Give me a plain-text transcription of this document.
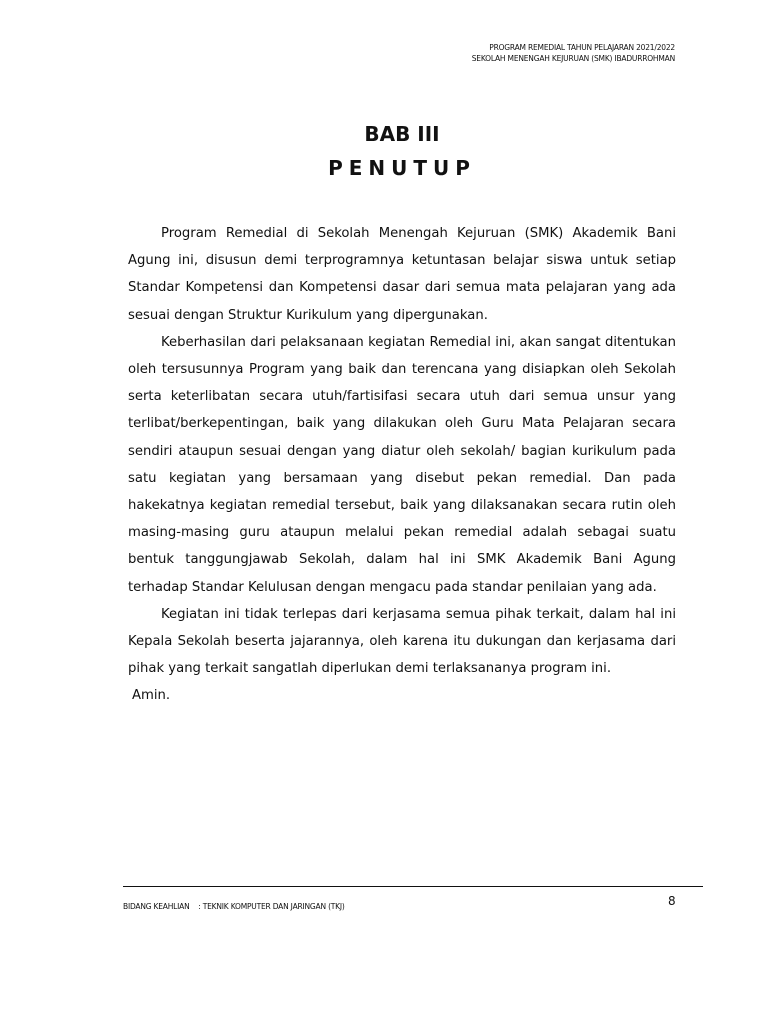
PROGRAM REMEDIAL TAHUN PELAJARAN 2021/2022
SEKOLAH MENENGAH KEJURUAN (SMK) IBADURROHMAN
BAB III
PENUTUP

Program Remedial di Sekolah Menengah Kejuruan (SMK) Akademik Bani Agung ini, disusun demi terprogramnya ketuntasan belajar siswa untuk setiap Standar Kompetensi dan Kompetensi dasar dari semua mata pelajaran yang ada sesuai dengan Struktur Kurikulum yang dipergunakan.

Keberhasilan dari pelaksanaan kegiatan Remedial ini, akan sangat ditentukan oleh tersusunnya Program yang baik dan terencana yang disiapkan oleh Sekolah serta keterlibatan secara utuh/fartisifasi secara utuh dari semua unsur yang terlibat/berkepentingan, baik yang dilakukan oleh Guru Mata Pelajaran secara sendiri ataupun sesuai dengan yang diatur oleh sekolah/ bagian kurikulum pada satu kegiatan yang bersamaan yang disebut pekan remedial. Dan pada hakekatnya kegiatan remedial tersebut, baik yang dilaksanakan secara rutin oleh masing-masing guru ataupun melalui pekan remedial adalah sebagai suatu bentuk tanggungjawab Sekolah, dalam hal ini SMK Akademik Bani Agung terhadap Standar Kelulusan dengan mengacu pada standar penilaian yang ada.

Kegiatan ini tidak terlepas dari kerjasama semua pihak terkait, dalam hal ini Kepala Sekolah beserta jajarannya, oleh karena itu dukungan dan kerjasama dari pihak yang terkait sangatlah diperlukan demi terlaksananya program ini.

Amin.

BIDANG KEAHLIAN    : TEKNIK KOMPUTER DAN JARINGAN (TKJ)	8
